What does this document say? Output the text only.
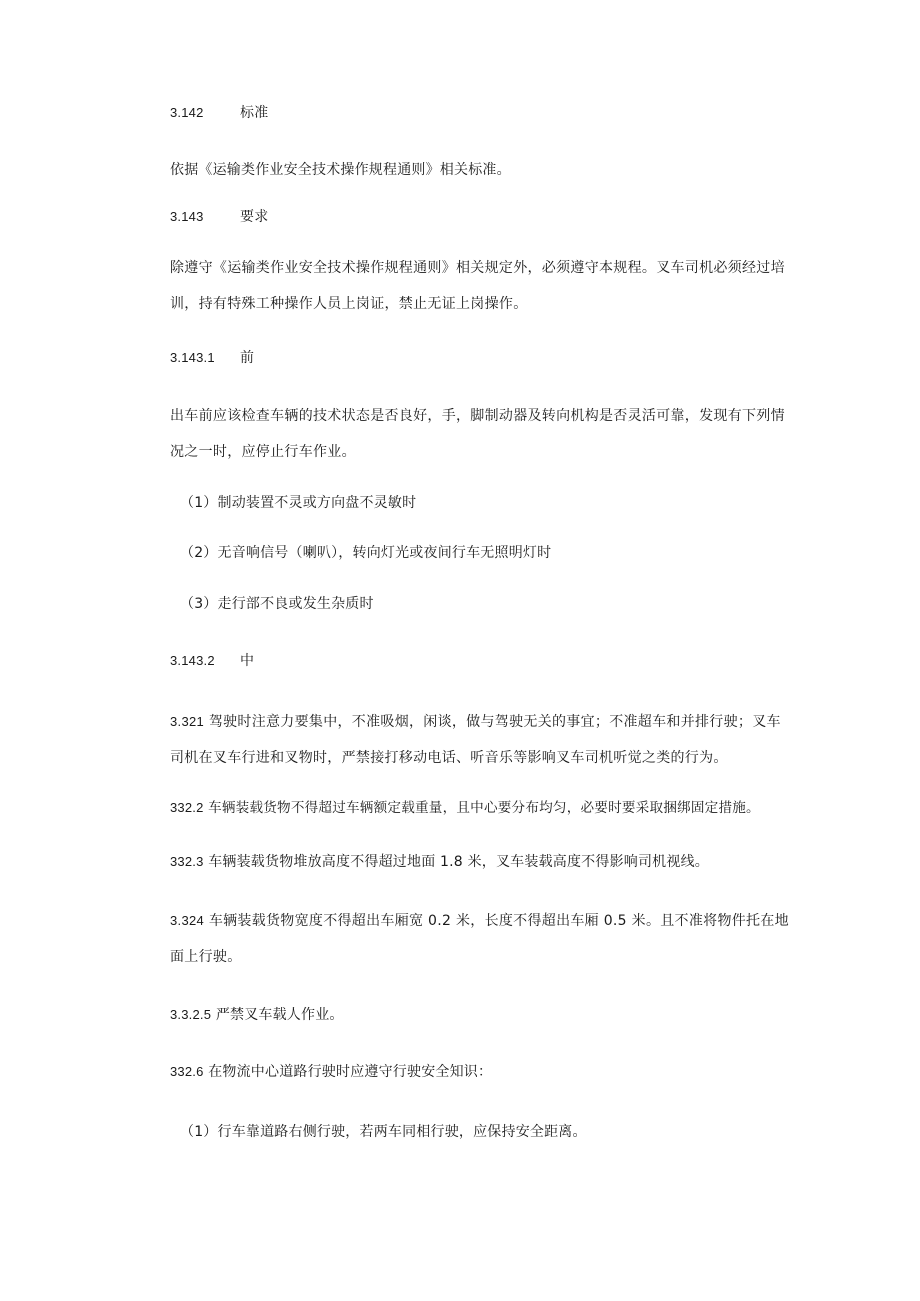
3.142	标准
依据《运输类作业安全技术操作规程通则》相关标准。
3.143	要求
除遵守《运输类作业安全技术操作规程通则》相关规定外，必须遵守本规程。叉车司机必须经过培训，持有特殊工种操作人员上岗证，禁止无证上岗操作。
3.143.1 前
出车前应该检查车辆的技术状态是否良好，手，脚制动器及转向机构是否灵活可靠，发现有下列情况之一时，应停止行车作业。
（1）制动装置不灵或方向盘不灵敏时
（2）无音响信号（喇叭），转向灯光或夜间行车无照明灯时
（3）走行部不良或发生杂质时
3.143.2 中
3.321 驾驶时注意力要集中，不准吸烟，闲谈，做与驾驶无关的事宜；不准超车和并排行驶；叉车司机在叉车行进和叉物时，严禁接打移动电话、听音乐等影响叉车司机听觉之类的行为。
332.2 车辆装载货物不得超过车辆额定载重量，且中心要分布均匀，必要时要采取捆绑固定措施。
332.3 车辆装载货物堆放高度不得超过地面 1.8 米，叉车装载高度不得影响司机视线。
3.324 车辆装载货物宽度不得超出车厢宽 0.2 米，长度不得超出车厢 0.5 米。且不准将物件托在地面上行驶。
3.3.2.5 严禁叉车载人作业。
332.6 在物流中心道路行驶时应遵守行驶安全知识：
（1）行车靠道路右侧行驶，若两车同相行驶，应保持安全距离。
